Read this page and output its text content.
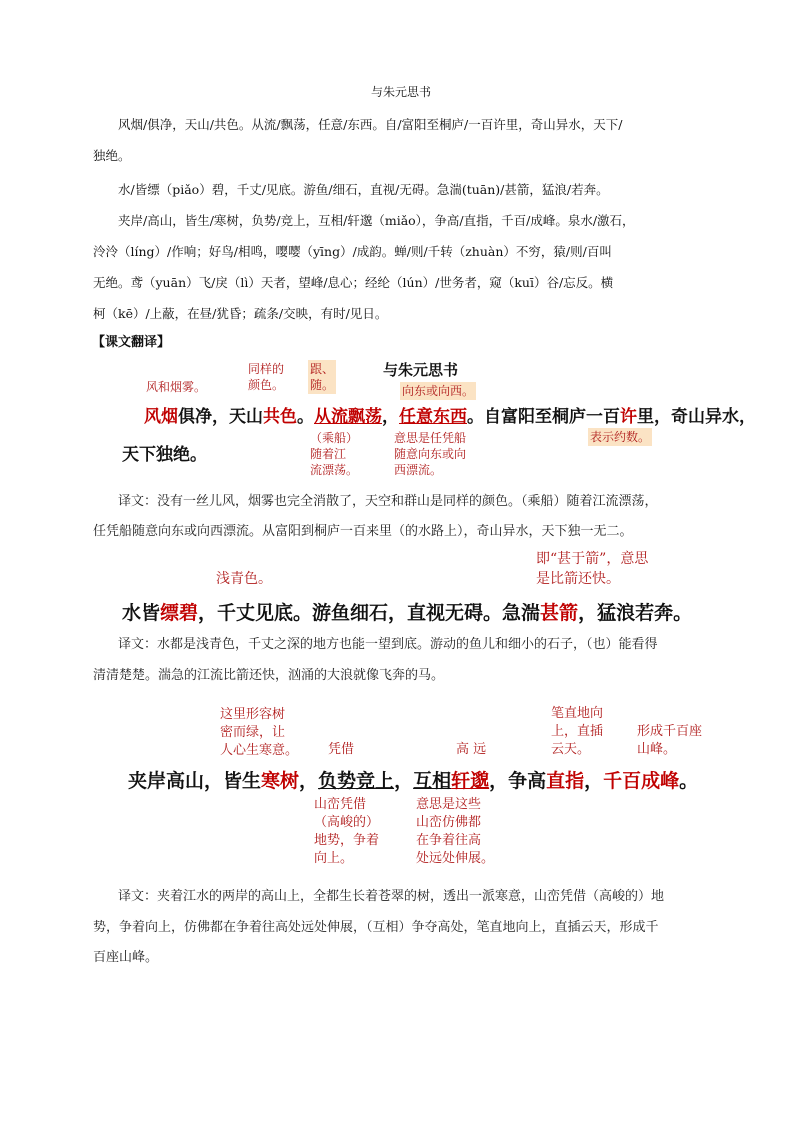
与朱元思书
风烟/俱净，天山/共色。从流/飘荡，任意/东西。自/富阳至桐庐/一百许里，奇山异水，天下/
独绝。
水/皆缥（piǎo）碧，千丈/见底。游鱼/细石，直视/无碍。急湍(tuān)/甚箭，猛浪/若奔。
夹岸/高山，皆生/寒树，负势/竞上，互相/轩邈（miǎo），争高/直指，千百/成峰。泉水/激石，
泠泠（líng）/作响；好鸟/相鸣，嘤嘤（yīng）/成韵。蝉/则/千转（zhuàn）不穷，猿/则/百叫
无绝。鸢（yuān）飞/戾（lì）天者，望峰/息心；经纶（lún）/世务者，窥（kuī）谷/忘反。横
柯（kē）/上蔽，在昼/犹昏；疏条/交映，有时/见日。
【课文翻译】
风和烟雾。
同样的
颜色。
跟、
随。
与朱元思书
向东或向西。
风烟俱净，天山共色。从流飘荡，任意东西。自富阳至桐庐一百许里，奇山异水，
天下独绝。
（乘船）
随着江
流漂荡。
意思是任凭船
随意向东或向
西漂流。
表示约数。
译文：没有一丝儿风，烟雾也完全消散了，天空和群山是同样的颜色。（乘船）随着江流漂荡，
任凭船随意向东或向西漂流。从富阳到桐庐一百来里（的水路上），奇山异水，天下独一无二。
即“甚于箭”，意思
是比箭还快。
浅青色。
水皆缥碧，千丈见底。游鱼细石，直视无碍。急湍甚箭，猛浪若奔。
译文：水都是浅青色，千丈之深的地方也能一望到底。游动的鱼儿和细小的石子，（也）能看得
清清楚楚。湍急的江流比箭还快，汹涌的大浪就像飞奔的马。
这里形容树
密而绿，让
人心生寒意。 凭借	高 远
笔直地向
上，直插
云天。
形成千百座
山峰。
夹岸高山，皆生寒树，负势竞上，互相轩邈，争高直指，千百成峰。
山峦凭借
（高峻的）
地势，争着
向上。
意思是这些
山峦仿佛都
在争着往高
处远处伸展。
译文：夹着江水的两岸的高山上，全都生长着苍翠的树，透出一派寒意，山峦凭借（高峻的）地
势，争着向上，仿佛都在争着往高处远处伸展，（互相）争夺高处，笔直地向上，直插云天，形成千
百座山峰。
